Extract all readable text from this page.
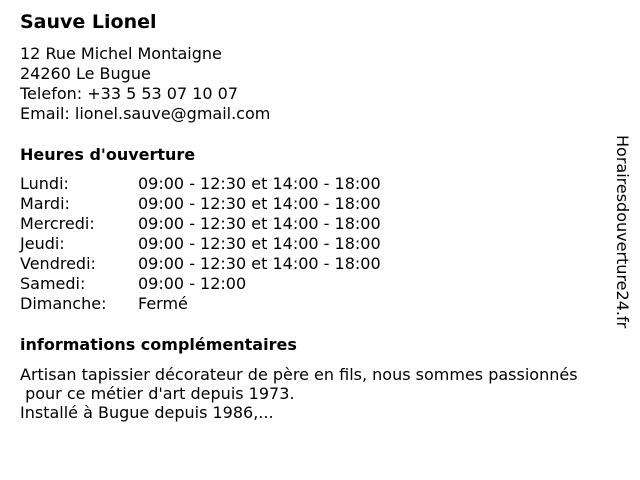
Sauve Lionel
12 Rue Michel Montaigne
24260 Le Bugue
Telefon: +33 5 53 07 10 07
Email: lionel.sauve@gmail.com
Heures d'ouverture
Lundi:	09:00 - 12:30 et 14:00 - 18:00
Mardi:	09:00 - 12:30 et 14:00 - 18:00
Mercredi:	09:00 - 12:30 et 14:00 - 18:00
Jeudi:	09:00 - 12:30 et 14:00 - 18:00
Vendredi:	09:00 - 12:30 et 14:00 - 18:00
Samedi:	09:00 - 12:00
Dimanche:	Fermé
informations complémentaires
Artisan tapissier décorateur de père en fils, nous sommes passionnés
pour ce métier d'art depuis 1973.
Installé à Bugue depuis 1986,...
Horairesdouverture24.fr
